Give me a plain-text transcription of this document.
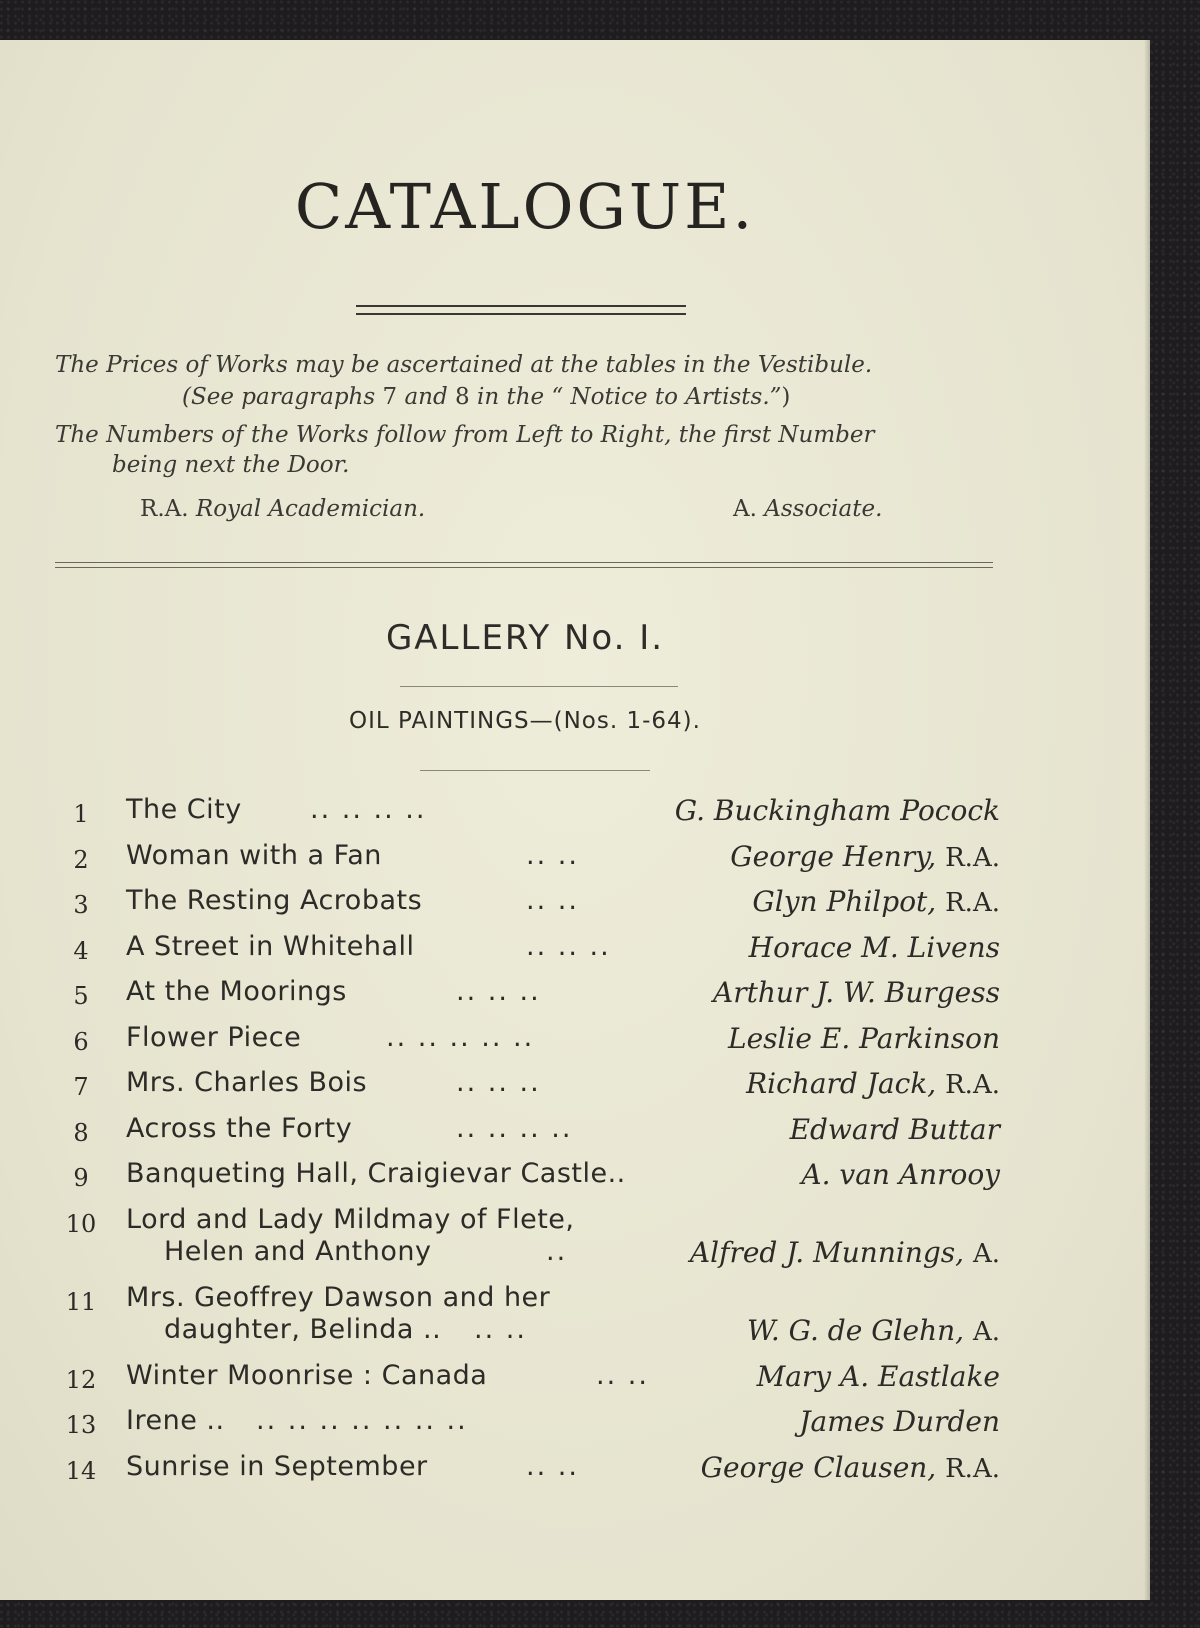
CATALOGUE.
The Prices of Works may be ascertained at the tables in the Vestibule.
(See paragraphs 7 and 8 in the “ Notice to Artists.”)
The Numbers of the Works follow from Left to Right, the first Number
being next the Door.
R.A. Royal Academician.	A. Associate.
GALLERY No. I.
OIL PAINTINGS—(Nos. 1-64).
1	The City	.. .. .. ..	G. Buckingham Pocock
2	Woman with a Fan	.. ..	George Henry, R.A.
3	The Resting Acrobats	.. ..	Glyn Philpot, R.A.
4	A Street in Whitehall	.. .. ..	Horace M. Livens
5	At the Moorings	.. .. ..	Arthur J. W. Burgess
6	Flower Piece	.. .. .. .. ..	Leslie E. Parkinson
7	Mrs. Charles Bois	.. .. ..	Richard Jack, R.A.
8	Across the Forty	.. .. .. ..	Edward Buttar
9	Banqueting Hall, Craigievar Castle..	A. van Anrooy
10	Lord and Lady Mildmay of Flete,
Helen and Anthony	..	Alfred J. Munnings, A.
11	Mrs. Geoffrey Dawson and her
daughter, Belinda .. .. ..	W. G. de Glehn, A.
12	Winter Moonrise : Canada	.. ..	Mary A. Eastlake
13	Irene .. .. .. .. .. .. .. ..	James Durden
14	Sunrise in September	.. ..	George Clausen, R.A.
